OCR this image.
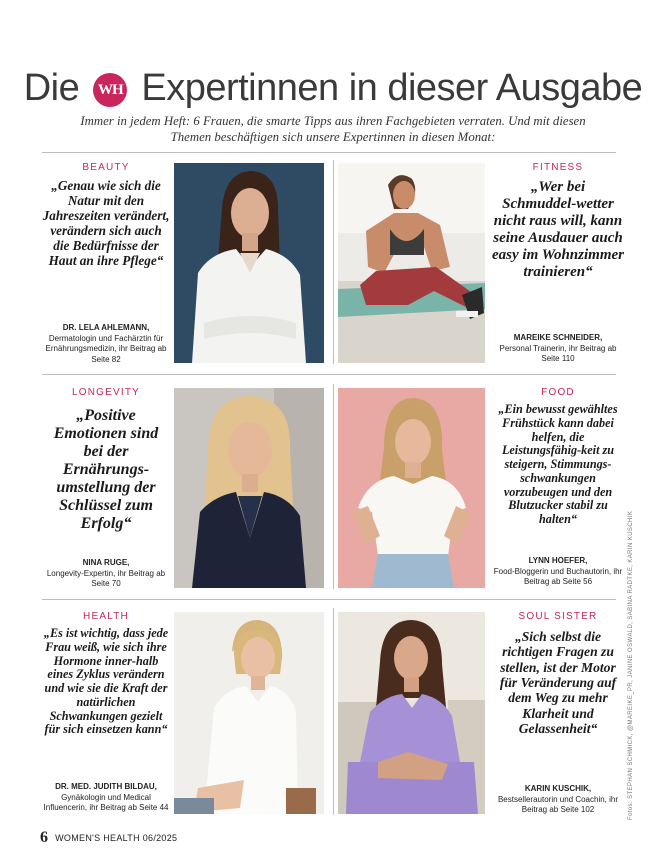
Die WH Expertinnen in dieser Ausgabe
Immer in jedem Heft: 6 Frauen, die smarte Tipps aus ihren Fachgebieten verraten. Und mit diesen Themen beschäftigen sich unsere Expertinnen in diesen Monat:
BEAUTY
„Genau wie sich die Natur mit den Jahreszeiten verändert, verändern sich auch die Bedürfnisse der Haut an ihre Pflege“
DR. LELA AHLEMANN,
Dermatologin und Fachärztin für Ernährungsmedizin, ihr Beitrag ab Seite 82
FITNESS
„Wer bei Schmuddel-wetter nicht raus will, kann seine Ausdauer auch easy im Wohnzimmer trainieren“
MAREIKE SCHNEIDER,
Personal Trainerin, ihr Beitrag ab Seite 110
LONGEVITY
„Positive Emotionen sind bei der Ernährungs-umstellung der Schlüssel zum Erfolg“
NINA RUGE,
Longevity-Expertin, ihr Beitrag ab Seite 70
FOOD
„Ein bewusst gewähltes Frühstück kann dabei helfen, die Leistungsfähig-keit zu steigern, Stimmungs-schwankungen vorzubeugen und den Blutzucker stabil zu halten“
LYNN HOEFER,
Food-Bloggerin und Buchautorin, ihr Beitrag ab Seite 56
HEALTH
„Es ist wichtig, dass jede Frau weiß, wie sich ihre Hormone inner-halb eines Zyklus verändern und wie sie die Kraft der natürlichen Schwankungen gezielt für sich einsetzen kann“
DR. MED. JUDITH BILDAU,
Gynäkologin und Medical Influencerin, ihr Beitrag ab Seite 44
SOUL SISTER
„Sich selbst die richtigen Fragen zu stellen, ist der Motor für Veränderung auf dem Weg zu mehr Klarheit und Gelassenheit“
KARIN KUSCHIK,
Bestsellerautorin und Coachin, ihr Beitrag ab Seite 102	Fotos: STEPHAN SCHMICK, @MAREIKE_PR, JANINE OSWALD, SABINA RADTKE, KARIN KUSCHIK
6 WOMEN'S HEALTH 06/2025
